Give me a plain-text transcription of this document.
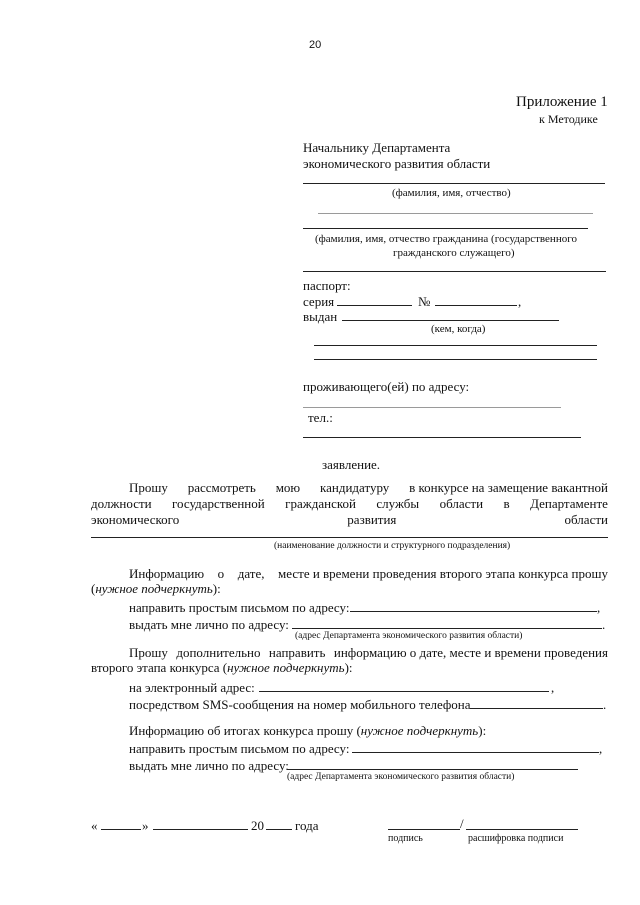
20
Приложение 1
к Методике
Начальнику Департамента
экономического развития области
(фамилия, имя, отчество)
(фамилия, имя, отчество гражданина (государственного
гражданского служащего)
паспорт:
серия	№	,
выдан
(кем, когда)
проживающего(ей) по адресу:
тел.:
заявление.
Прошу рассмотреть мою кандидатуру в конкурсе на замещение вакантной
должности государственной гражданской службы области в Департаменте
экономического	развития	области
(наименование должности и структурного подразделения)
Информацию о дате, месте и времени проведения второго этапа конкурса прошу
(нужное подчеркнуть):
направить простым письмом по адресу:	,
выдать мне лично по адресу:	.
(адрес Департамента экономического развития области)
Прошу дополнительно направить информацию о дате, месте и времени проведения
второго этапа конкурса (нужное подчеркнуть):
на электронный адрес:	,
посредством SMS-сообщения на номер мобильного телефона	.
Информацию об итогах конкурса прошу (нужное подчеркнуть):
направить простым письмом по адресу:	,
выдать мне лично по адресу:
(адрес Департамента экономического развития области)
«	»	20 года	/
подпись	расшифровка подписи
